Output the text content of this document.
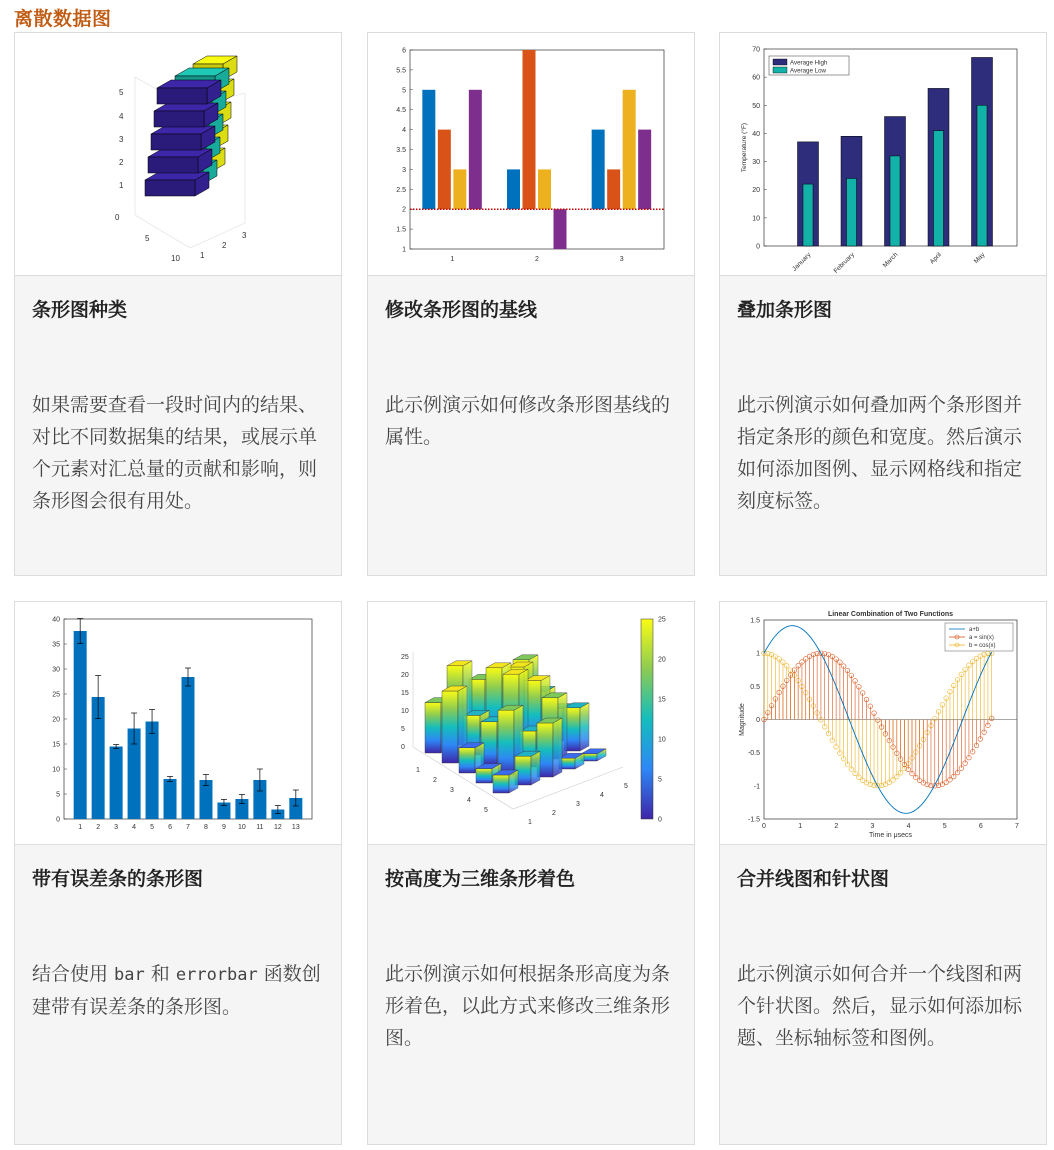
离散数据图
5
4
3
2
1
0
5
10	1
2
3
条形图种类
如果需要查看一段时间内的结果、对比不同数据集的结果，或展示单个元素对汇总量的贡献和影响，则条形图会很有用处。
1
1.5
2
2.5
3
3.5
4
4.5
5
5.5
6
1	2	3
修改条形图的基线
此示例演示如何修改条形图基线的属性。
0
10
20
30
40
50
60
70
Temperature (°F)
January	February	March	April	May
Average High
Average Low
叠加条形图
此示例演示如何叠加两个条形图并指定条形的颜色和宽度。然后演示如何添加图例、显示网格线和指定刻度标签。
0
5
10
15
20
25
30
35
40
1 2 3 4 5 6 7 8 9 10 11 12 13
带有误差条的条形图
结合使用 bar 和 errorbar 函数创建带有误差条的条形图。
0
5
10
15
20
25
0
5
10
15
20
25
1
2
3
4
5
1
2
3
4
5
按高度为三维条形着色
此示例演示如何根据条形高度为条形着色，以此方式来修改三维条形图。
-1.5
-1
-0.5
0
0.5
1
1.5
0	1	2	3	4	5	6	7
Linear Combination of Two Functions
Time in μsecs
Magnitude
a+b
a = sin(x)
b = cos(x)
合并线图和针状图
此示例演示如何合并一个线图和两个针状图。然后，显示如何添加标题、坐标轴标签和图例。
